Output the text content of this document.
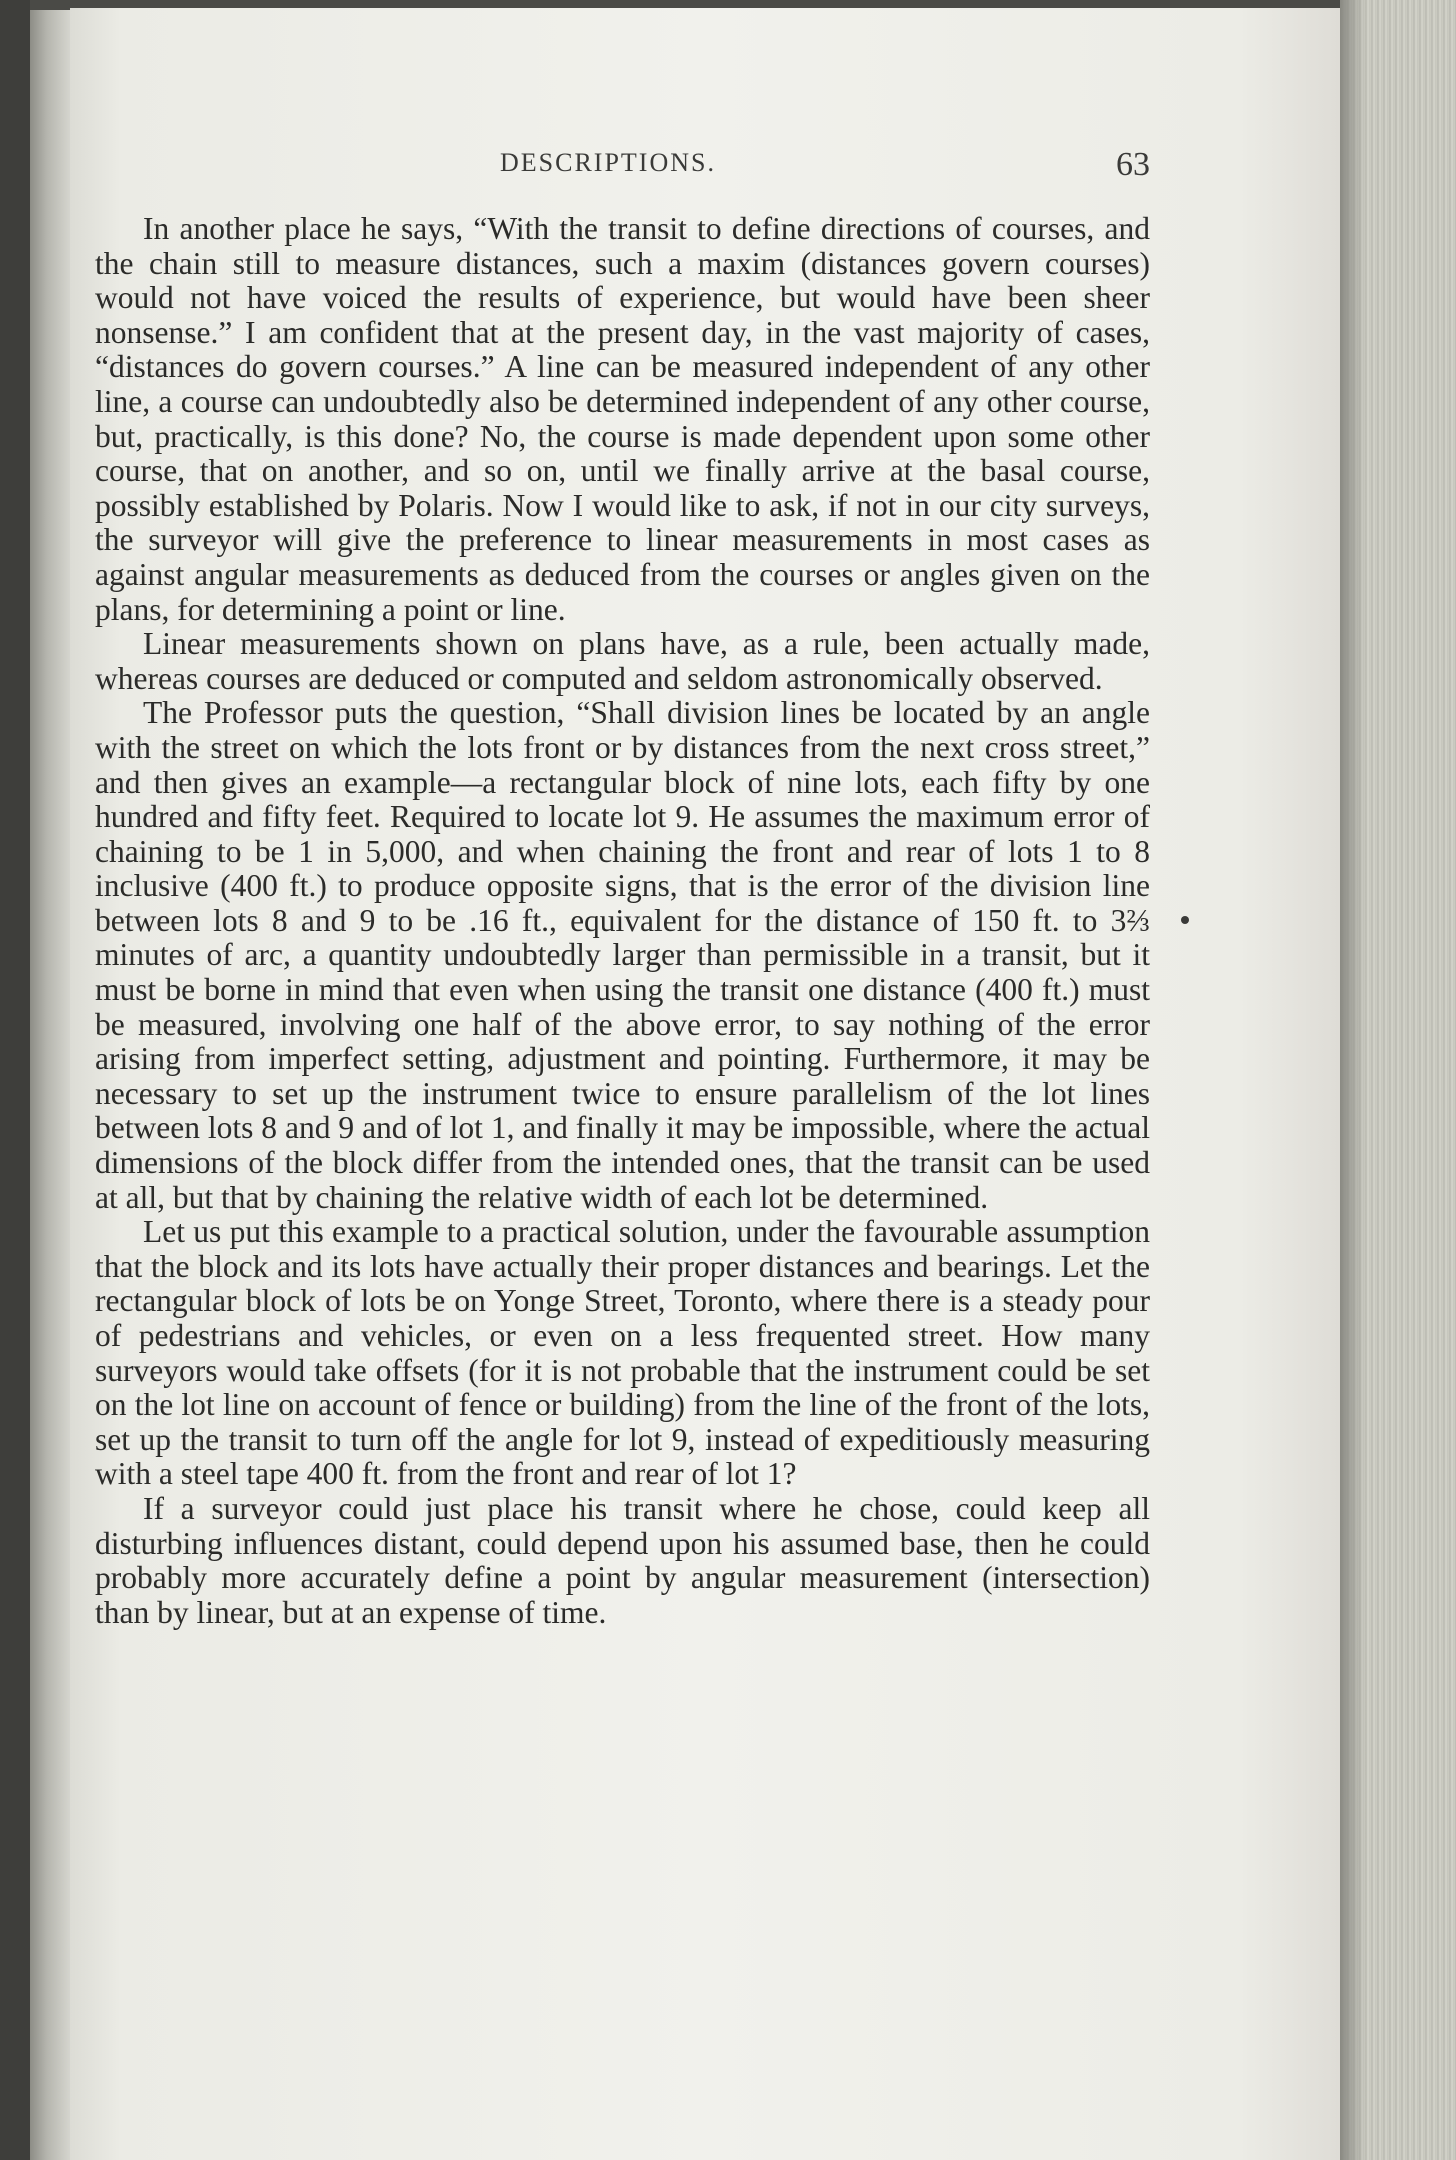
DESCRIPTIONS.	63

In another place he says, “With the transit to define directions of courses, and the chain still to measure distances, such a maxim (distances govern courses) would not have voiced the results of experience, but would have been sheer nonsense.” I am confident that at the present day, in the vast majority of cases, “distances do govern courses.” A line can be measured independent of any other line, a course can undoubtedly also be determined independent of any other course, but, practically, is this done? No, the course is made dependent upon some other course, that on another, and so on, until we finally arrive at the basal course, possibly established by Polaris. Now I would like to ask, if not in our city surveys, the surveyor will give the preference to linear measurements in most cases as against angular measurements as deduced from the courses or angles given on the plans, for determining a point or line.

Linear measurements shown on plans have, as a rule, been actually made, whereas courses are deduced or computed and seldom astronomically observed.

The Professor puts the question, “Shall division lines be located by an angle with the street on which the lots front or by distances from the next cross street,” and then gives an example—a rectangular block of nine lots, each fifty by one hundred and fifty feet. Required to locate lot 9. He assumes the maximum error of chaining to be 1 in 5,000, and when chaining the front and rear of lots 1 to 8 inclusive (400 ft.) to produce opposite signs, that is the error of the division line between lots 8 and 9 to be .16 ft., equivalent for the distance of 150 ft. to 3⅔ minutes of arc, a quantity undoubtedly larger than permissible in a transit, but it must be borne in mind that even when using the transit one distance (400 ft.) must be measured, involving one half of the above error, to say nothing of the error arising from imperfect setting, adjustment and pointing. Furthermore, it may be necessary to set up the instrument twice to ensure parallelism of the lot lines between lots 8 and 9 and of lot 1, and finally it may be impossible, where the actual dimensions of the block differ from the intended ones, that the transit can be used at all, but that by chaining the relative width of each lot be determined.

Let us put this example to a practical solution, under the favourable assumption that the block and its lots have actually their proper distances and bearings. Let the rectangular block of lots be on Yonge Street, Toronto, where there is a steady pour of pedestrians and vehicles, or even on a less frequented street. How many surveyors would take offsets (for it is not probable that the instrument could be set on the lot line on account of fence or building) from the line of the front of the lots, set up the transit to turn off the angle for lot 9, instead of expeditiously measuring with a steel tape 400 ft. from the front and rear of lot 1?

If a surveyor could just place his transit where he chose, could keep all disturbing influences distant, could depend upon his assumed base, then he could probably more accurately define a point by angular measurement (intersection) than by linear, but at an expense of time.
